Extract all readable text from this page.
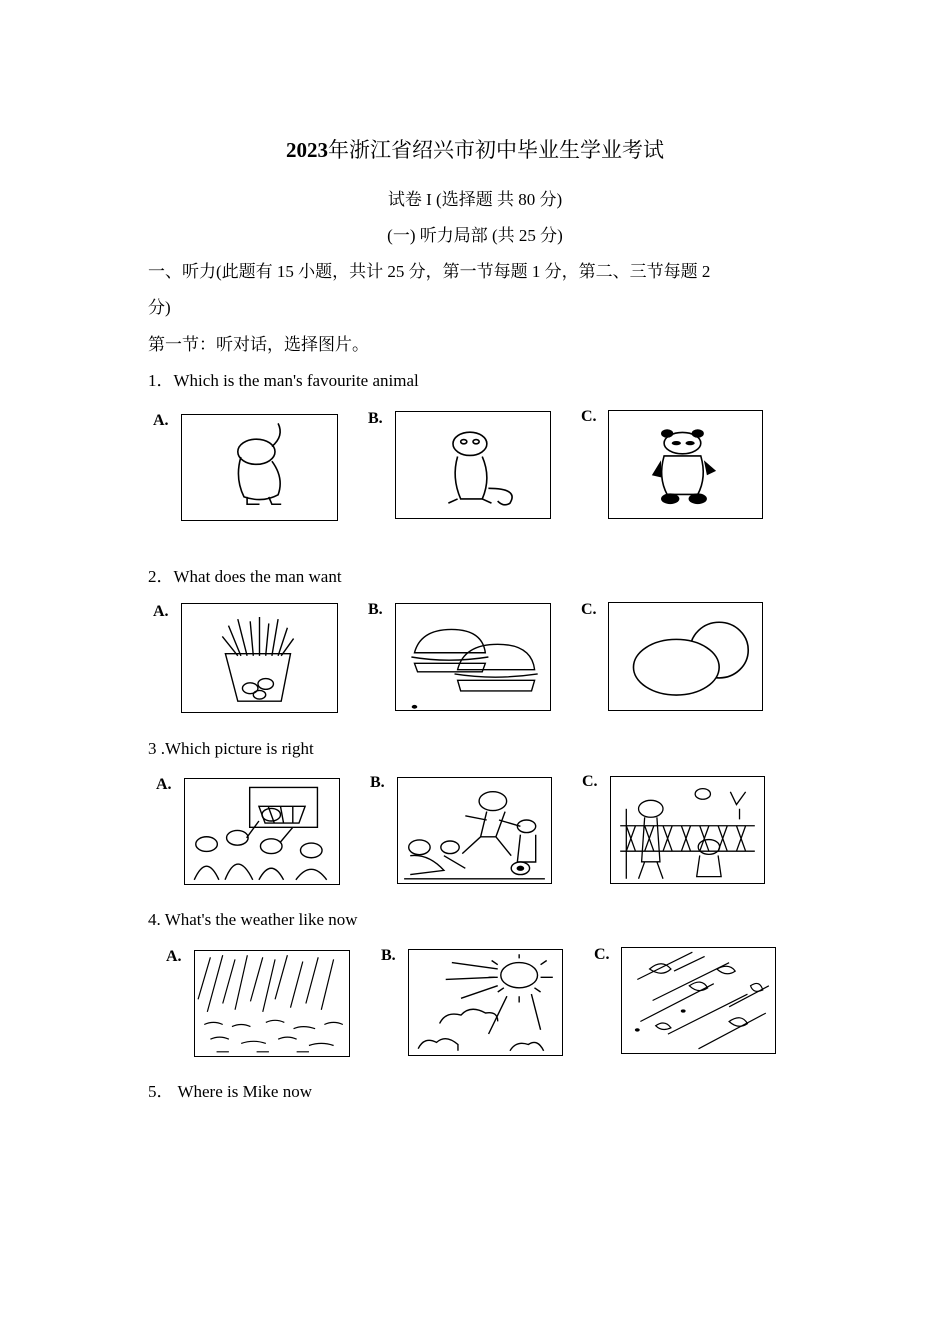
2023年浙江省绍兴市初中毕业生学业考试
试卷 I (选择题 共 80 分)
(一) 听力局部 (共 25 分)
一、听力(此题有 15 小题，共计 25 分，第一节每题 1 分，第二、三节每题 2
分)
第一节：听对话，选择图片。
1．Which is the man's favourite animal
A.	B.	C.
2．What does the man want
A.	B.	C.
3 .Which picture is right
A.	B.	C.
4. What's the weather like now
A.	B.	C.
5． Where is Mike now
